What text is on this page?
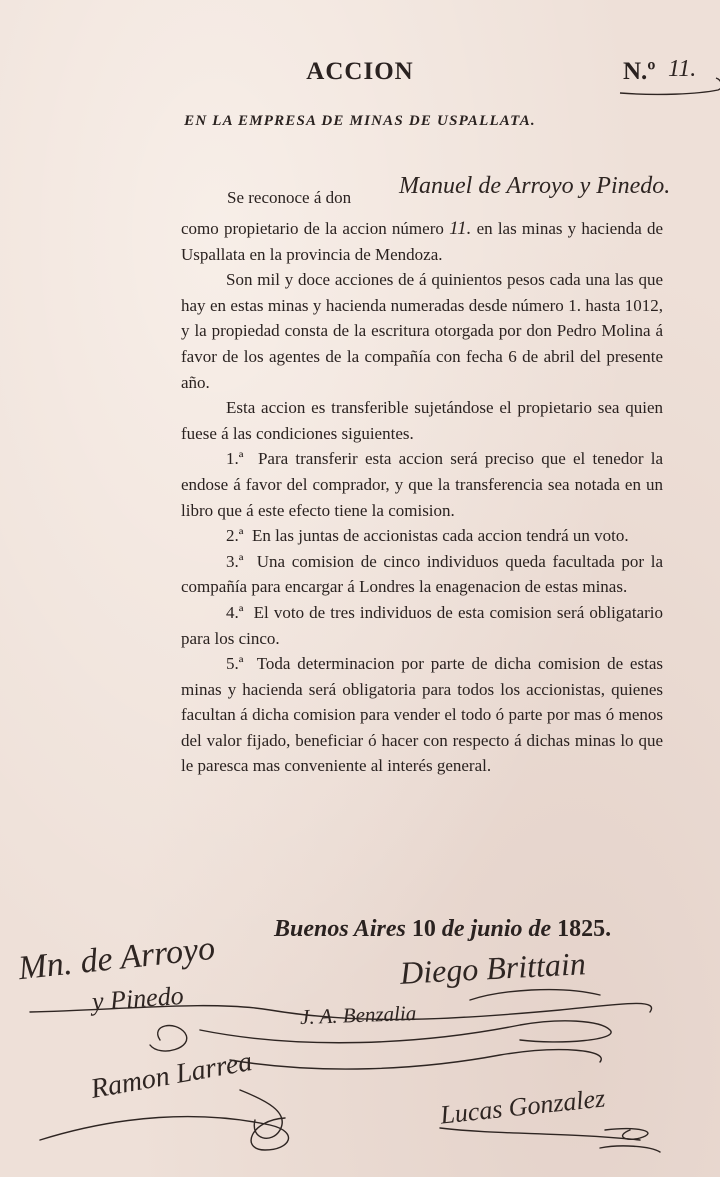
ACCION	N.º 11.
EN LA EMPRESA DE MINAS DE USPALLATA.
Se reconoce á don Manuel de Arroyo y Pinedo.

como propietario de la accion número 11. en las minas y hacienda de Uspallata en la provincia de Mendoza.

Son mil y doce acciones de á quinientos pesos cada una las que hay en estas minas y hacienda numeradas desde número 1. hasta 1012, y la propiedad consta de la escritura otorgada por don Pedro Molina á favor de los agentes de la compañía con fecha 6 de abril del presente año.

Esta accion es transferible sujetándose el propietario sea quien fuese á las condiciones siguientes.

1.ª Para transferir esta accion será preciso que el tenedor la endose á favor del comprador, y que la transferencia sea notada en un libro que á este efecto tiene la comision.

2.ª En las juntas de accionistas cada accion tendrá un voto.

3.ª Una comision de cinco individuos queda facultada por la compañía para encargar á Londres la enagenacion de estas minas.

4.ª El voto de tres individuos de esta comision será obligatario para los cinco.

5.ª Toda determinacion por parte de dicha comision de estas minas y hacienda será obligatoria para todos los accionistas, quienes facultan á dicha comision para vender el todo ó parte por mas ó menos del valor fijado, beneficiar ó hacer con respecto á dichas minas lo que le paresca mas conveniente al interés general.

Buenos Aires 10 de junio de 1825.
Mn. de Arroyo
y Pinedo
Diego Brittain
J. A. Benzalia
Ramon Larrea
Lucas Gonzalez
